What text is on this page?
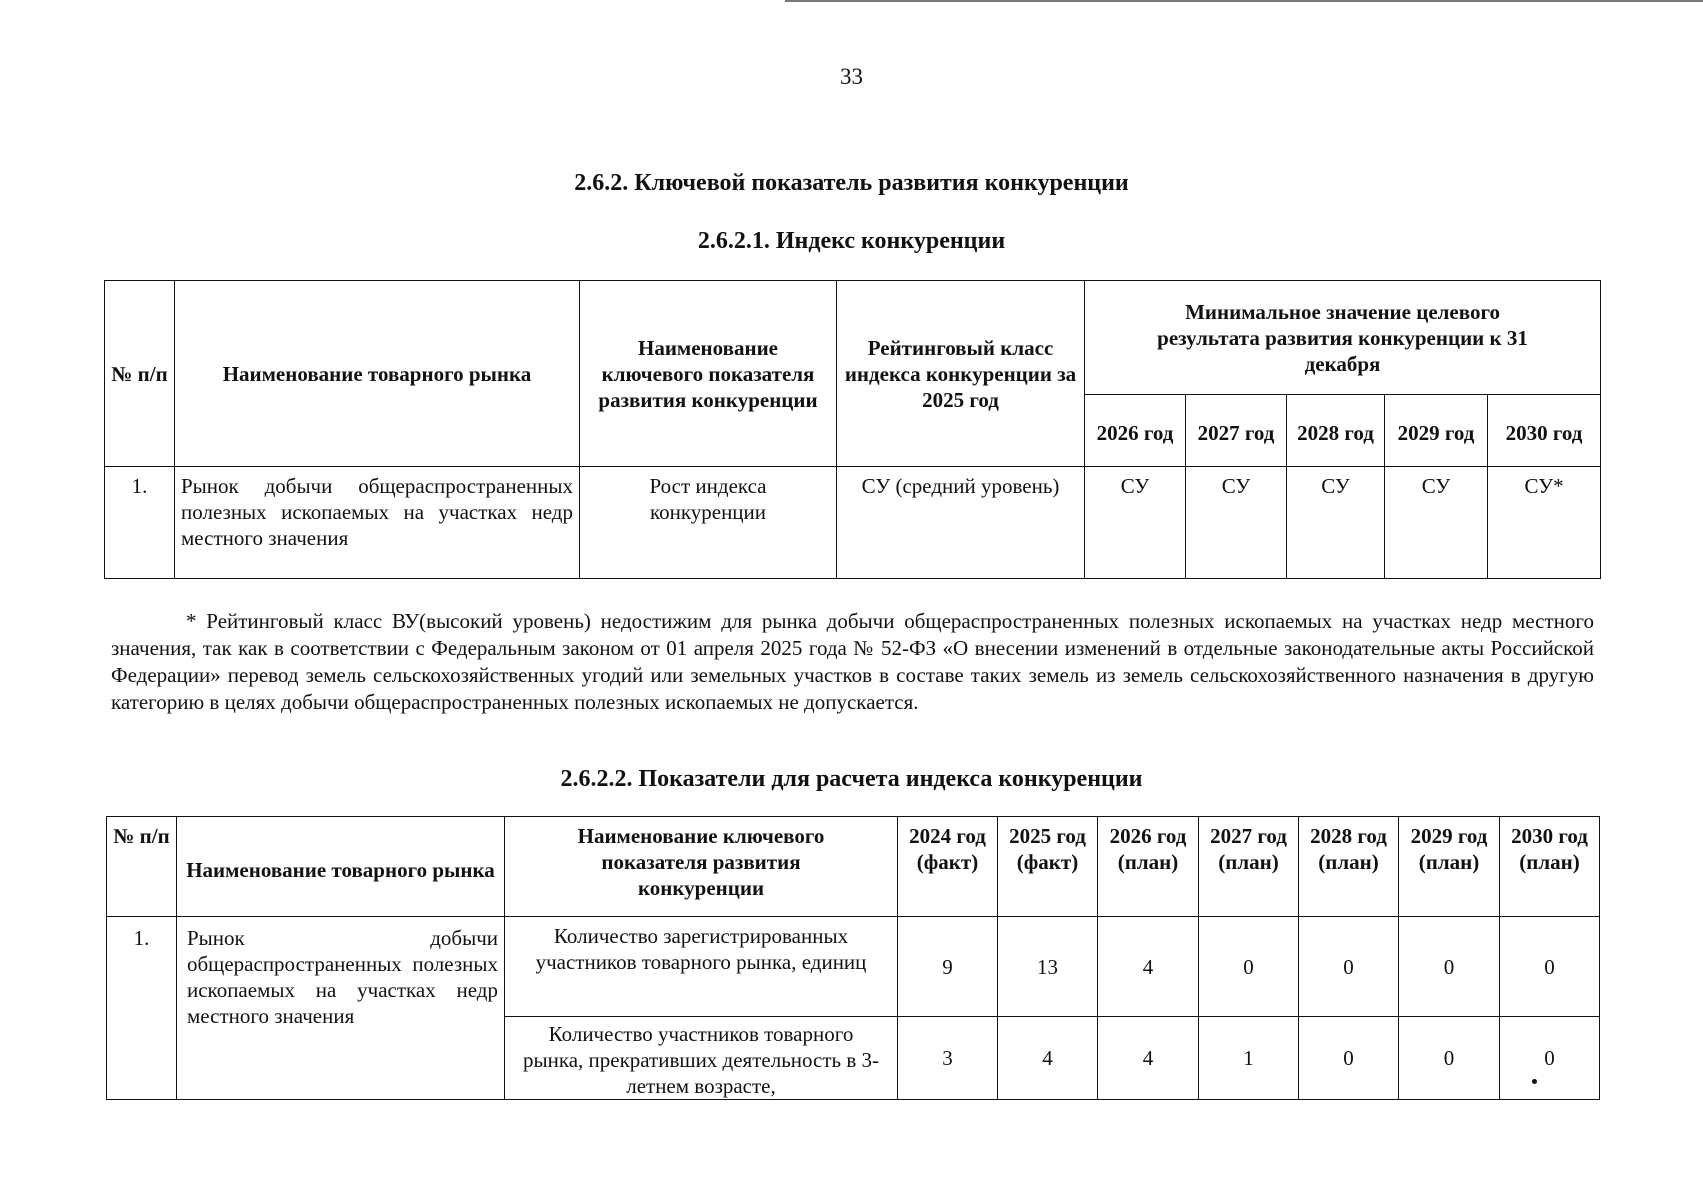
33
2.6.2. Ключевой показатель развития конкуренции
2.6.2.1. Индекс конкуренции
№ п/п	Наименование товарного рынка	Наименование ключевого показателя развития конкуренции	Рейтинговый класс индекса конкуренции за 2025 год	Минимальное значение целевого результата развития конкуренции к 31 декабря				
				2026 год	2027 год	2028 год	2029 год	2030 год
1.	Рынок добычи общераспространенных полезных ископаемых на участках недр местного значения	Рост индекса конкуренции	СУ (средний уровень)	СУ	СУ	СУ	СУ	СУ*
* Рейтинговый класс ВУ(высокий уровень) недостижим для рынка добычи общераспространенных полезных ископаемых на участках недр местного значения, так как в соответствии с Федеральным законом от 01 апреля 2025 года № 52-ФЗ «О внесении изменений в отдельные законодательные акты Российской Федерации» перевод земель сельскохозяйственных угодий или земельных участков в составе таких земель из земель сельскохозяйственного назначения в другую категорию в целях добычи общераспространенных полезных ископаемых не допускается.
2.6.2.2. Показатели для расчета индекса конкуренции
№ п/п	Наименование товарного рынка	Наименование ключевого показателя развития конкуренции	2024 год (факт)	2025 год (факт)	2026 год (план)	2027 год (план)	2028 год (план)	2029 год (план)	2030 год (план)
1.	Рынок добычи общераспространенных полезных ископаемых на участках недр местного значения	Количество зарегистрированных участников товарного рынка, единиц	9	13	4	0	0	0	0
		Количество участников товарного рынка, прекративших деятельность в 3-летнем возрасте,	3	4	4	1	0	0	0
